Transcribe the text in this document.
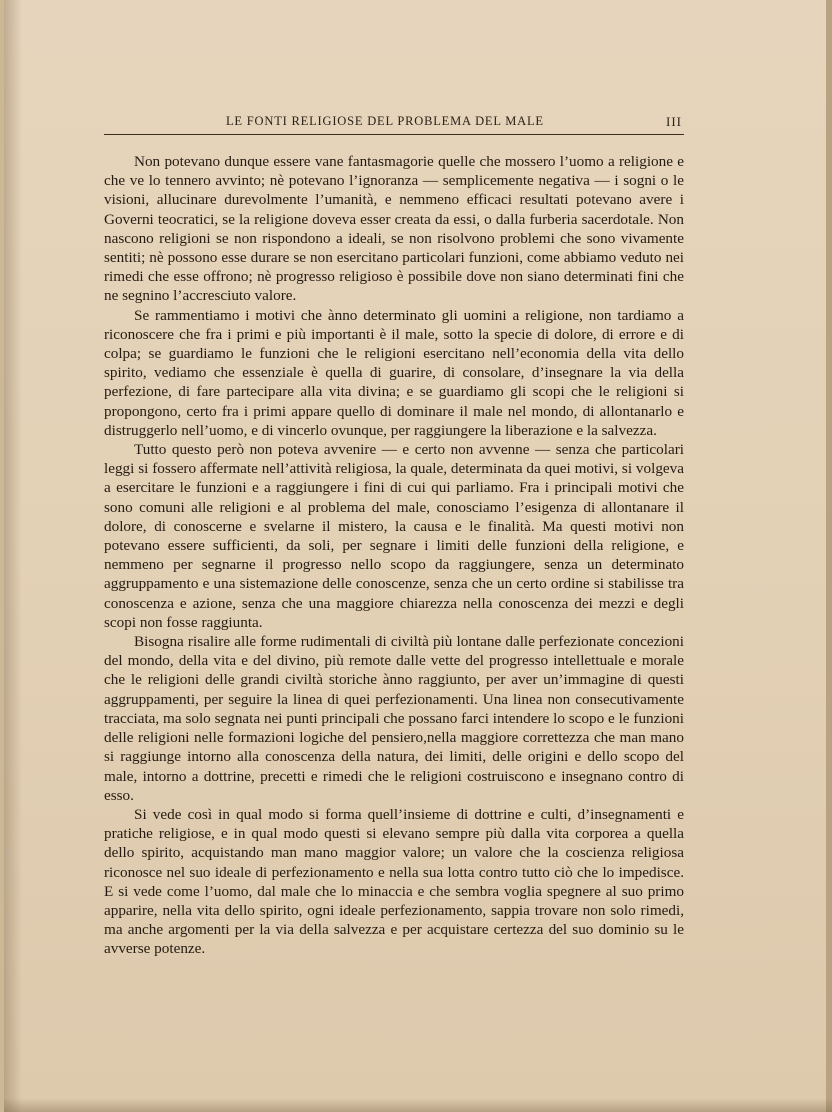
LE FONTI RELIGIOSE DEL PROBLEMA DEL MALE	III

Non potevano dunque essere vane fantasmagorie quelle che mossero l’uomo a religione e che ve lo tennero avvinto; nè potevano l’ignoranza — semplicemente negativa — i sogni o le visioni, allucinare durevolmente l’umanità, e nemmeno efficaci resultati potevano avere i Governi teocratici, se la religione doveva esser creata da essi, o dalla furberia sacerdotale. Non nascono religioni se non rispondono a ideali, se non risolvono problemi che sono vivamente sentiti; nè possono esse durare se non esercitano particolari funzioni, come abbiamo veduto nei rimedi che esse offrono; nè progresso religioso è possibile dove non siano determinati fini che ne segnino l’accresciuto valore.

Se rammentiamo i motivi che ànno determinato gli uomini a religione, non tardiamo a riconoscere che fra i primi e più importanti è il male, sotto la specie di dolore, di errore e di colpa; se guardiamo le funzioni che le religioni esercitano nell’economia della vita dello spirito, vediamo che essenziale è quella di guarire, di consolare, d’insegnare la via della perfezione, di fare partecipare alla vita divina; e se guardiamo gli scopi che le religioni si propongono, certo fra i primi appare quello di dominare il male nel mondo, di allontanarlo e distruggerlo nell’uomo, e di vincerlo ovunque, per raggiungere la liberazione e la salvezza.

Tutto questo però non poteva avvenire — e certo non avvenne — senza che particolari leggi si fossero affermate nell’attività religiosa, la quale, determinata da quei motivi, si volgeva a esercitare le funzioni e a raggiungere i fini di cui qui parliamo. Fra i principali motivi che sono comuni alle religioni e al problema del male, conosciamo l’esigenza di allontanare il dolore, di conoscerne e svelarne il mistero, la causa e le finalità. Ma questi motivi non potevano essere sufficienti, da soli, per segnare i limiti delle funzioni della religione, e nemmeno per segnarne il progresso nello scopo da raggiungere, senza un determinato aggruppamento e una sistemazione delle conoscenze, senza che un certo ordine si stabilisse tra conoscenza e azione, senza che una maggiore chiarezza nella conoscenza dei mezzi e degli scopi non fosse raggiunta.

Bisogna risalire alle forme rudimentali di civiltà più lontane dalle perfezionate concezioni del mondo, della vita e del divino, più remote dalle vette del progresso intellettuale e morale che le religioni delle grandi civiltà storiche ànno raggiunto, per aver un’immagine di questi aggruppamenti, per seguire la linea di quei perfezionamenti. Una linea non consecutivamente tracciata, ma solo segnata nei punti principali che possano farci intendere lo scopo e le funzioni delle religioni nelle formazioni logiche del pensiero,nella maggiore correttezza che man mano si raggiunge intorno alla conoscenza della natura, dei limiti, delle origini e dello scopo del male, intorno a dottrine, precetti e rimedi che le religioni costruiscono e insegnano contro di esso.

Si vede così in qual modo si forma quell’insieme di dottrine e culti, d’insegnamenti e pratiche religiose, e in qual modo questi si elevano sempre più dalla vita corporea a quella dello spirito, acquistando man mano maggior valore; un valore che la coscienza religiosa riconosce nel suo ideale di perfezionamento e nella sua lotta contro tutto ciò che lo impedisce. E si vede come l’uomo, dal male che lo minaccia e che sembra voglia spegnere al suo primo apparire, nella vita dello spirito, ogni ideale perfezionamento, sappia trovare non solo rimedi, ma anche argomenti per la via della salvezza e per acquistare certezza del suo dominio su le avverse potenze.
